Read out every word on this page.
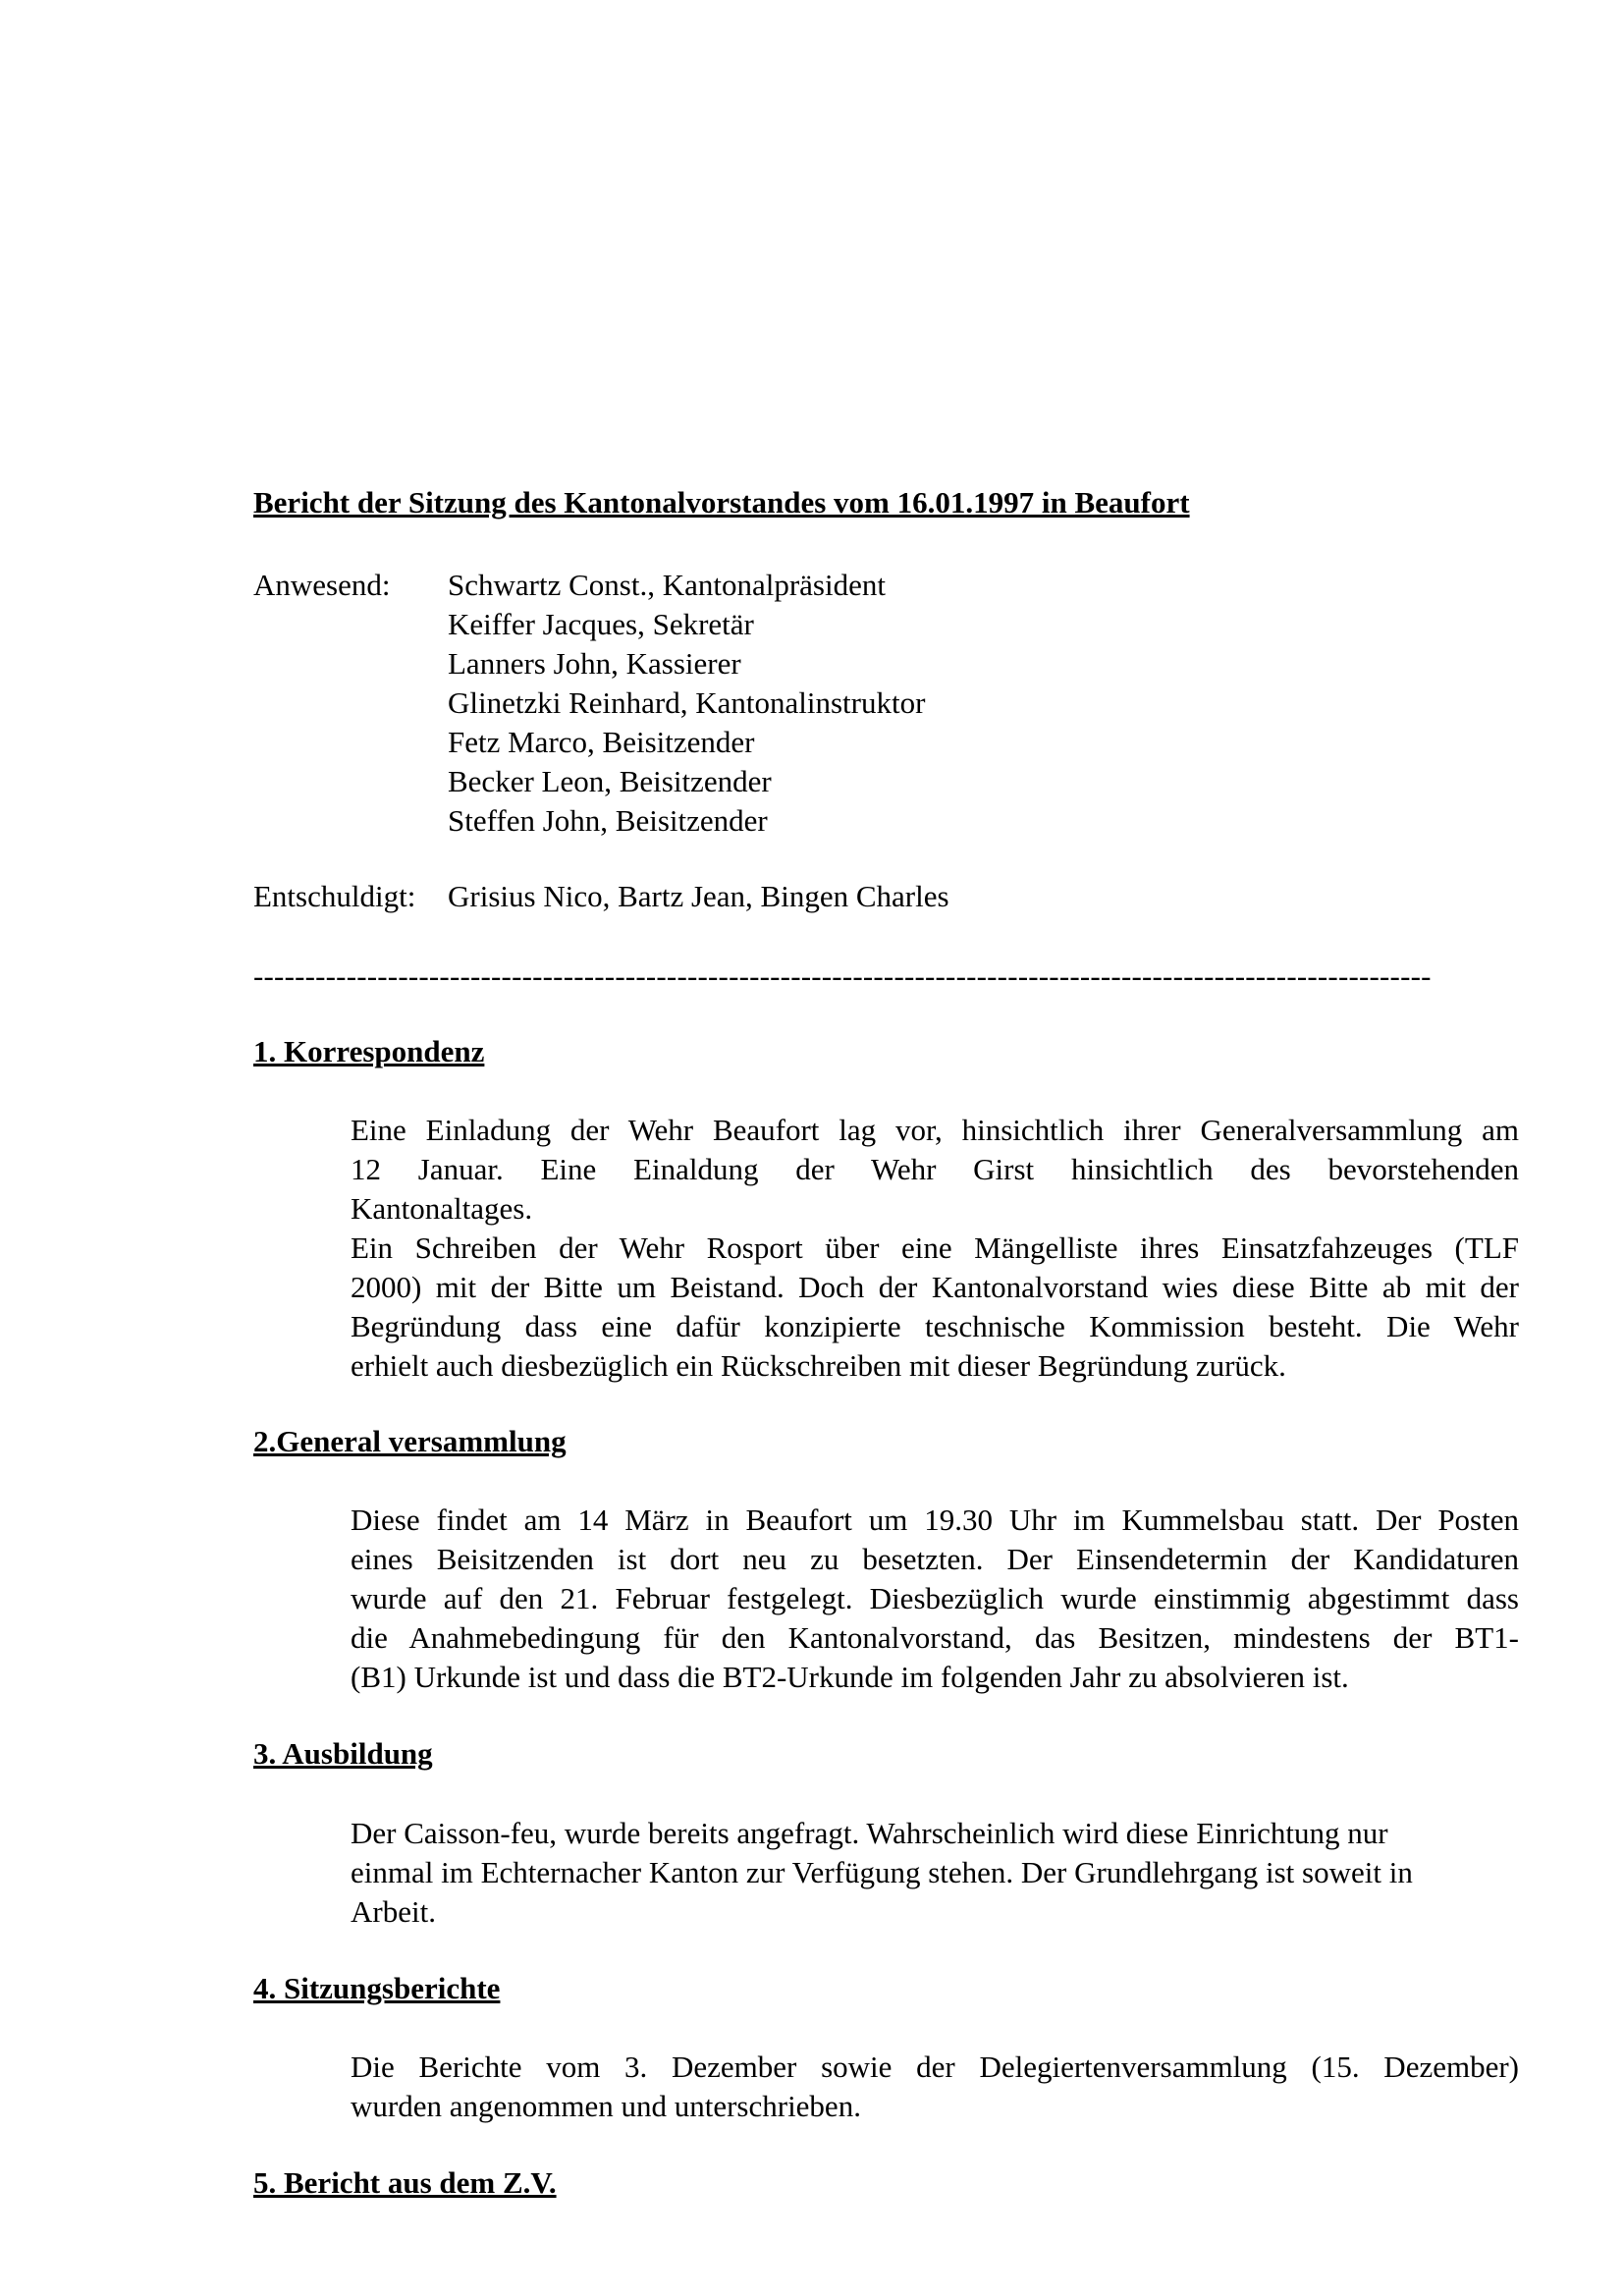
Bericht der Sitzung des Kantonalvorstandes vom 16.01.1997 in Beaufort
Anwesend:	Schwartz Const., Kantonalpräsident
Keiffer Jacques, Sekretär
Lanners John, Kassierer
Glinetzki Reinhard, Kantonalinstruktor
Fetz Marco, Beisitzender
Becker Leon, Beisitzender
Steffen John, Beisitzender
Entschuldigt:	Grisius Nico, Bartz Jean, Bingen Charles
------------------------------------------------------------------------------------------------------------------
1. Korrespondenz

Eine Einladung der Wehr Beaufort lag vor, hinsichtlich ihrer Generalversammlung am
12 Januar. Eine Einaldung der Wehr Girst hinsichtlich des bevorstehenden
Kantonaltages.
Ein Schreiben der Wehr Rosport über eine Mängelliste ihres Einsatzfahzeuges (TLF
2000) mit der Bitte um Beistand. Doch der Kantonalvorstand wies diese Bitte ab mit der
Begründung dass eine dafür konzipierte teschnische Kommission besteht. Die Wehr
erhielt auch diesbezüglich ein Rückschreiben mit dieser Begründung zurück.

2.General versammlung

Diese findet am 14 März in Beaufort um 19.30 Uhr im Kummelsbau statt. Der Posten
eines Beisitzenden ist dort neu zu besetzten. Der Einsendetermin der Kandidaturen
wurde auf den 21. Februar festgelegt. Diesbezüglich wurde einstimmig abgestimmt dass
die Anahmebedingung für den Kantonalvorstand, das Besitzen, mindestens der BT1-
(B1) Urkunde ist und dass die BT2-Urkunde im folgenden Jahr zu absolvieren ist.

3. Ausbildung

Der Caisson-feu, wurde bereits angefragt. Wahrscheinlich wird diese Einrichtung nur
einmal im Echternacher Kanton zur Verfügung stehen. Der Grundlehrgang ist soweit in
Arbeit.

4. Sitzungsberichte

Die Berichte vom 3. Dezember sowie der Delegiertenversammlung (15. Dezember)
wurden angenommen und unterschrieben.

5. Bericht aus dem Z.V.
